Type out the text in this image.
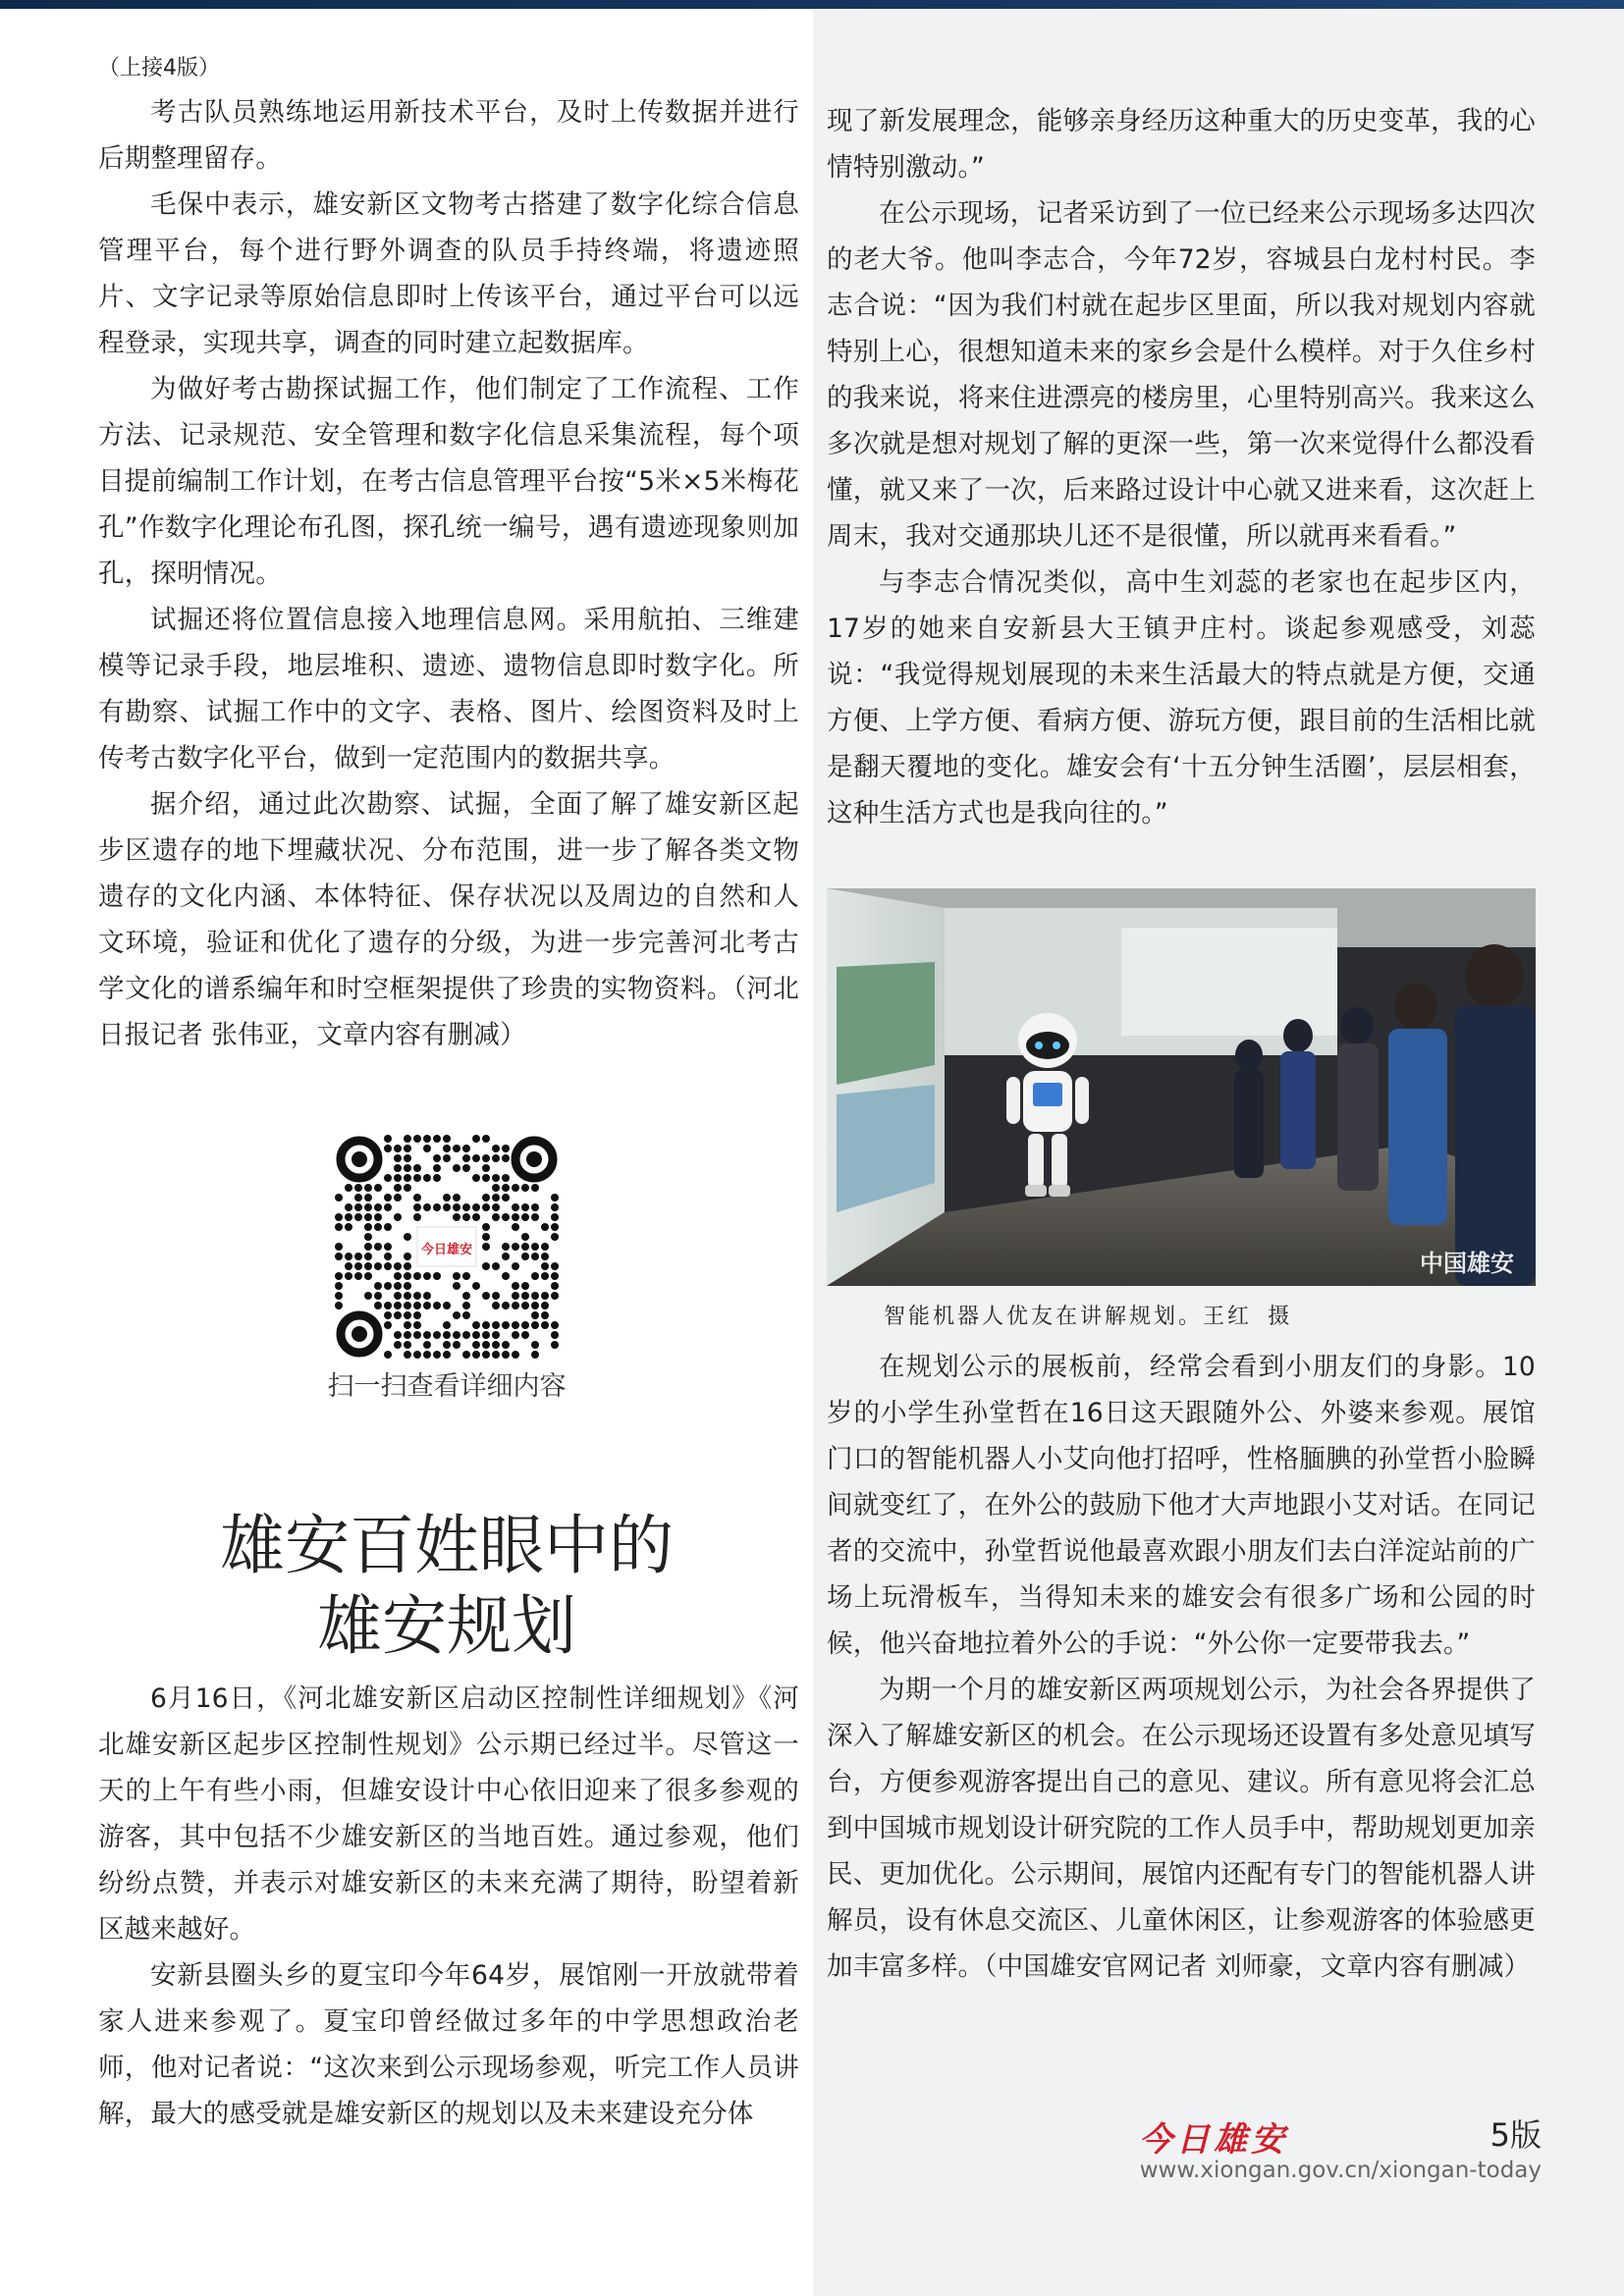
（上接4版）

考古队员熟练地运用新技术平台，及时上传数据并进行后期整理留存。

毛保中表示，雄安新区文物考古搭建了数字化综合信息管理平台，每个进行野外调查的队员手持终端，将遗迹照片、文字记录等原始信息即时上传该平台，通过平台可以远程登录，实现共享，调查的同时建立起数据库。

为做好考古勘探试掘工作，他们制定了工作流程、工作方法、记录规范、安全管理和数字化信息采集流程，每个项目提前编制工作计划，在考古信息管理平台按“5米×5米梅花孔”作数字化理论布孔图，探孔统一编号，遇有遗迹现象则加孔，探明情况。

试掘还将位置信息接入地理信息网。采用航拍、三维建模等记录手段，地层堆积、遗迹、遗物信息即时数字化。所有勘察、试掘工作中的文字、表格、图片、绘图资料及时上传考古数字化平台，做到一定范围内的数据共享。

据介绍，通过此次勘察、试掘，全面了解了雄安新区起步区遗存的地下埋藏状况、分布范围，进一步了解各类文物遗存的文化内涵、本体特征、保存状况以及周边的自然和人文环境，验证和优化了遗存的分级，为进一步完善河北考古学文化的谱系编年和时空框架提供了珍贵的实物资料。（河北日报记者 张伟亚，文章内容有删减）

今日雄安
扫一扫查看详细内容
雄安百姓眼中的
雄安规划

6月16日，《河北雄安新区启动区控制性详细规划》《河北雄安新区起步区控制性规划》公示期已经过半。尽管这一天的上午有些小雨，但雄安设计中心依旧迎来了很多参观的游客，其中包括不少雄安新区的当地百姓。通过参观，他们纷纷点赞，并表示对雄安新区的未来充满了期待，盼望着新区越来越好。

安新县圈头乡的夏宝印今年64岁，展馆刚一开放就带着家人进来参观了。夏宝印曾经做过多年的中学思想政治老师，他对记者说：“这次来到公示现场参观，听完工作人员讲解，最大的感受就是雄安新区的规划以及未来建设充分体

现了新发展理念，能够亲身经历这种重大的历史变革，我的心情特别激动。”

在公示现场，记者采访到了一位已经来公示现场多达四次的老大爷。他叫李志合，今年72岁，容城县白龙村村民。李志合说：“因为我们村就在起步区里面，所以我对规划内容就特别上心，很想知道未来的家乡会是什么模样。对于久住乡村的我来说，将来住进漂亮的楼房里，心里特别高兴。我来这么多次就是想对规划了解的更深一些，第一次来觉得什么都没看懂，就又来了一次，后来路过设计中心就又进来看，这次赶上周末，我对交通那块儿还不是很懂，所以就再来看看。”

与李志合情况类似，高中生刘蕊的老家也在起步区内，17岁的她来自安新县大王镇尹庄村。谈起参观感受，刘蕊说：“我觉得规划展现的未来生活最大的特点就是方便，交通方便、上学方便、看病方便、游玩方便，跟目前的生活相比就是翻天覆地的变化。雄安会有‘十五分钟生活圈’，层层相套，这种生活方式也是我向往的。”

中国雄安
智能机器人优友在讲解规划。王红 摄

在规划公示的展板前，经常会看到小朋友们的身影。10岁的小学生孙堂哲在16日这天跟随外公、外婆来参观。展馆门口的智能机器人小艾向他打招呼，性格腼腆的孙堂哲小脸瞬间就变红了，在外公的鼓励下他才大声地跟小艾对话。在同记者的交流中，孙堂哲说他最喜欢跟小朋友们去白洋淀站前的广场上玩滑板车，当得知未来的雄安会有很多广场和公园的时候，他兴奋地拉着外公的手说：“外公你一定要带我去。”

为期一个月的雄安新区两项规划公示，为社会各界提供了深入了解雄安新区的机会。在公示现场还设置有多处意见填写台，方便参观游客提出自己的意见、建议。所有意见将会汇总到中国城市规划设计研究院的工作人员手中，帮助规划更加亲民、更加优化。公示期间，展馆内还配有专门的智能机器人讲解员，设有休息交流区、儿童休闲区，让参观游客的体验感更加丰富多样。（中国雄安官网记者 刘师豪，文章内容有删减）

今日雄安	5版
www.xiongan.gov.cn/xiongan-today
